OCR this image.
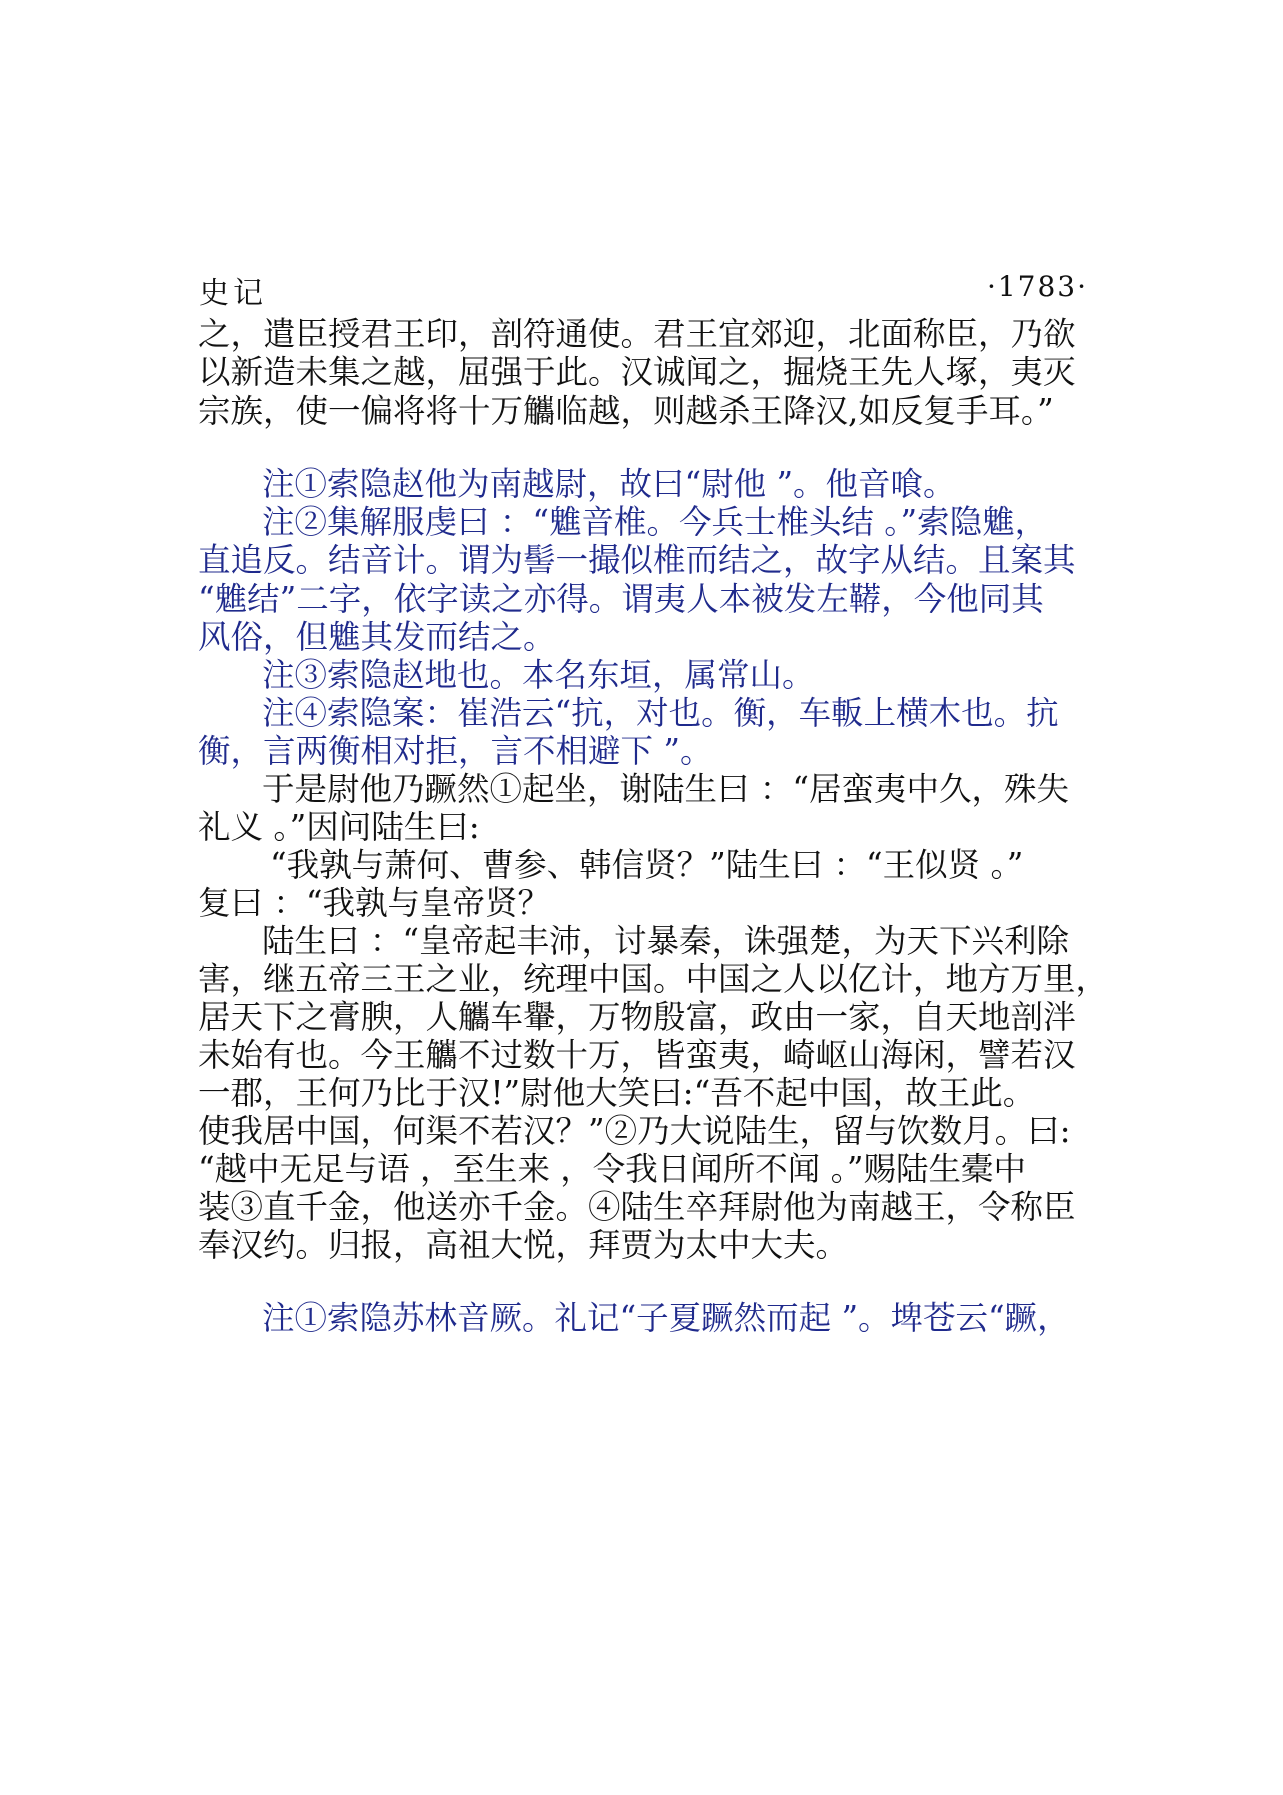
史记	·1783·
之，遣臣授君王印，剖符通使。君王宜郊迎，北面称臣，乃欲
以新造未集之越，屈强于此。汉诚闻之，掘烧王先人塚，夷灭
宗族，使一偏将将十万觿临越，则越杀王降汉,如反复手耳。”
注①索隐赵他为南越尉，故曰“尉他 ”。他音喰。
注②集解服虔曰 ：“魋音椎。今兵士椎头结 。”索隐魋，
直追反。结音计。谓为髻一撮似椎而结之，故字从结。且案其
“魋结”二字，依字读之亦得。谓夷人本被发左鞯，今他同其
风俗，但魋其发而结之。
注③索隐赵地也。本名东垣，属常山。
注④索隐案：崔浩云“抗，对也。衡，车䡊上横木也。抗
衡，言两衡相对拒，言不相避下 ”。
于是尉他乃蹶然①起坐，谢陆生曰 ：“居蛮夷中久，殊失
礼义 。”因问陆生曰:
“我孰与萧何、曹参、韩信贤？”陆生曰 ：“王似贤 。”
复曰 ：“我孰与皇帝贤？
陆生曰 ：“皇帝起丰沛，讨暴秦，诛强楚，为天下兴利除
害，继五帝三王之业，统理中国。中国之人以亿计，地方万里，
居天下之膏腴，人觿车轝，万物殷富，政由一家，自天地剖泮
未始有也。今王觿不过数十万，皆蛮夷，崎岖山海闲，譬若汉
一郡，王何乃比于汉!”尉他大笑曰:“吾不起中国，故王此。
使我居中国，何渠不若汉？”②乃大说陆生，留与饮数月。曰:
“越中无足与语 ，至生来 ，令我日闻所不闻 。”赐陆生橐中
装③直千金，他送亦千金。④陆生卒拜尉他为南越王，令称臣
奉汉约。归报，高祖大悦，拜贾为太中大夫。
注①索隐苏林音厥。礼记“子夏蹶然而起 ”。埤苍云“蹶，
